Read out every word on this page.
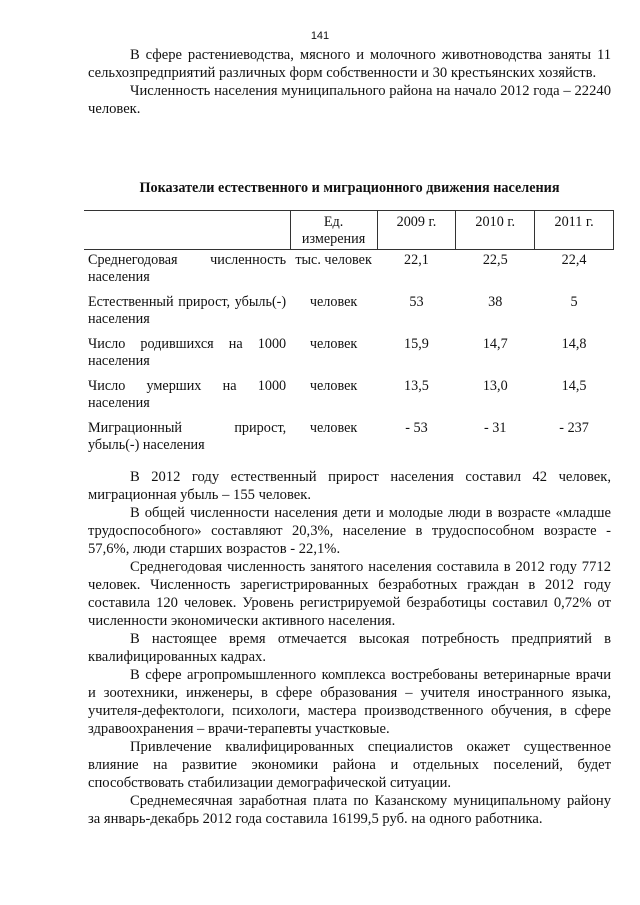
141

В сфере растениеводства, мясного и молочного животноводства заняты 11 сельхозпредприятий различных форм собственности и 30 крестьянских хозяйств.

Численность населения муниципального района на начало 2012 года – 22240 человек.

Показатели естественного и миграционного движения населения
	Ед. измерения	2009 г.	2010 г.	2011 г.
Среднегодовая численность населения	тыс. человек	22,1	22,5	22,4
Естественный прирост, убыль(-) населения	человек	53	38	5
Число родившихся на 1000 населения	человек	15,9	14,7	14,8
Число умерших на 1000 населения	человек	13,5	13,0	14,5
Миграционный прирост, убыль(-) населения	человек	- 53	- 31	- 237

В 2012 году естественный прирост населения составил 42 человек, миграционная убыль – 155 человек.

В общей численности населения дети и молодые люди в возрасте «младше трудоспособного» составляют 20,3%, население в трудоспособном возрасте - 57,6%, люди старших возрастов - 22,1%.

Среднегодовая численность занятого населения составила в 2012 году 7712 человек. Численность зарегистрированных безработных граждан в 2012 году составила 120 человек. Уровень регистрируемой безработицы составил 0,72% от численности экономически активного населения.

В настоящее время отмечается высокая потребность предприятий в квалифицированных кадрах.

В сфере агропромышленного комплекса востребованы ветеринарные врачи и зоотехники, инженеры, в сфере образования – учителя иностранного языка, учителя-дефектологи, психологи, мастера производственного обучения, в сфере здравоохранения – врачи-терапевты участковые.

Привлечение квалифицированных специалистов окажет существенное влияние на развитие экономики района и отдельных поселений, будет способствовать стабилизации демографической ситуации.

Среднемесячная заработная плата по Казанскому муниципальному району за январь-декабрь 2012 года составила 16199,5 руб. на одного работника.
